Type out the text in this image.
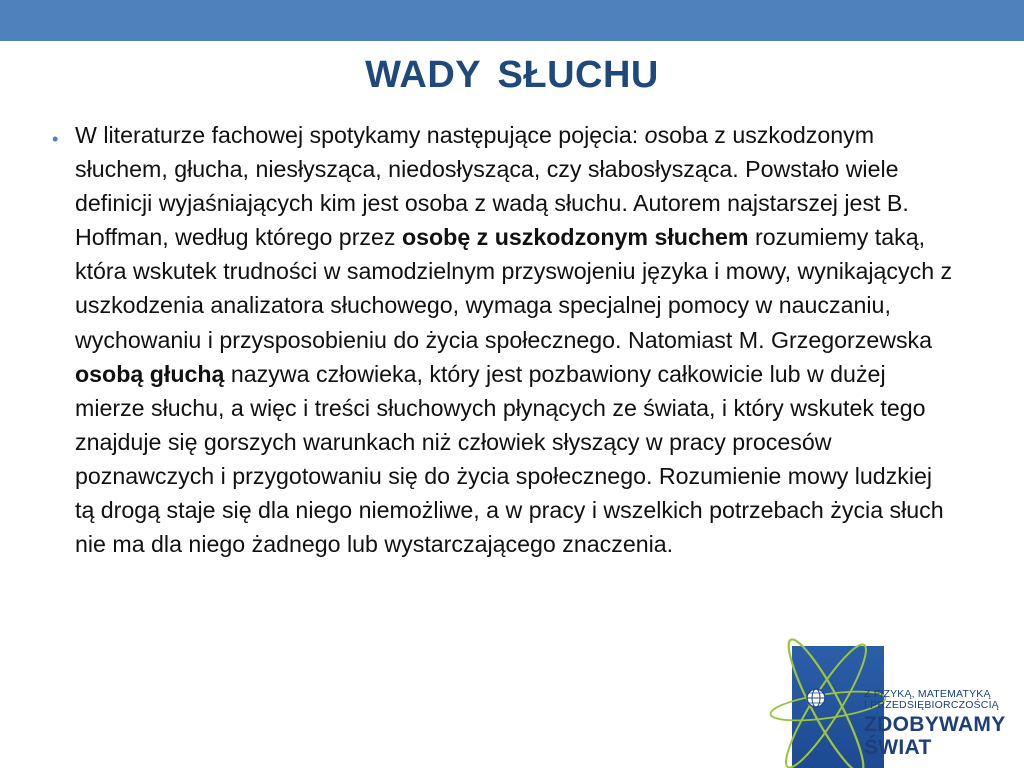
WADY SŁUCHU
• W literaturze fachowej spotykamy następujące pojęcia: osoba z uszkodzonym słuchem, głucha, niesłysząca, niedosłysząca, czy słabosłysząca. Powstało wiele definicji wyjaśniających kim jest osoba z wadą słuchu. Autorem najstarszej jest B. Hoffman, według którego przez osobę z uszkodzonym słuchem rozumiemy taką, która wskutek trudności w samodzielnym przyswojeniu języka i mowy, wynikających z uszkodzenia analizatora słuchowego, wymaga specjalnej pomocy w nauczaniu, wychowaniu i przysposobieniu do życia społecznego. Natomiast M. Grzegorzewska osobą głuchą nazywa człowieka, który jest pozbawiony całkowicie lub w dużej mierze słuchu, a więc i treści słuchowych płynących ze świata, i który wskutek tego znajduje się gorszych warunkach niż człowiek słyszący w pracy procesów poznawczych i przygotowaniu się do życia społecznego. Rozumienie mowy ludzkiej tą drogą staje się dla niego niemożliwe, a w pracy i wszelkich potrzebach życia słuch nie ma dla niego żadnego lub wystarczającego znaczenia.

Z FIZYKĄ, MATEMATYKĄ
I PRZEDSIĘBIORCZOŚCIĄ
ZDOBYWAMY
ŚWIAT
